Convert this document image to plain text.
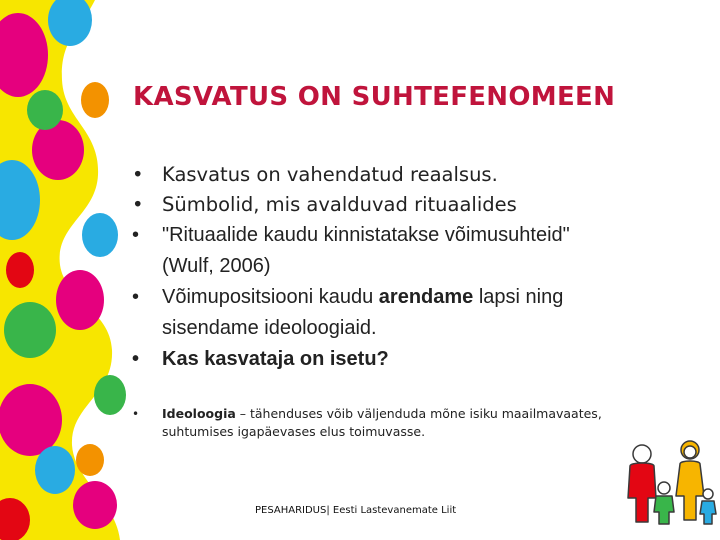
KASVATUS ON SUHTEFENOMEEN
• Kasvatus on vahendatud reaalsus.
• Sümbolid, mis avalduvad rituaalides
• "Rituaalide kaudu kinnistatakse võimusuhteid"
(Wulf, 2006)
• Võimupositsiooni kaudu arendame lapsi ning
sisendame ideoloogiaid.
• Kas kasvataja on isetu?
• Ideoloogia – tähenduses võib väljenduda mõne isiku maailmavaates,
suhtumises igapäevases elus toimuvasse.
PESAHARIDUS| Eesti Lastevanemate Liit
